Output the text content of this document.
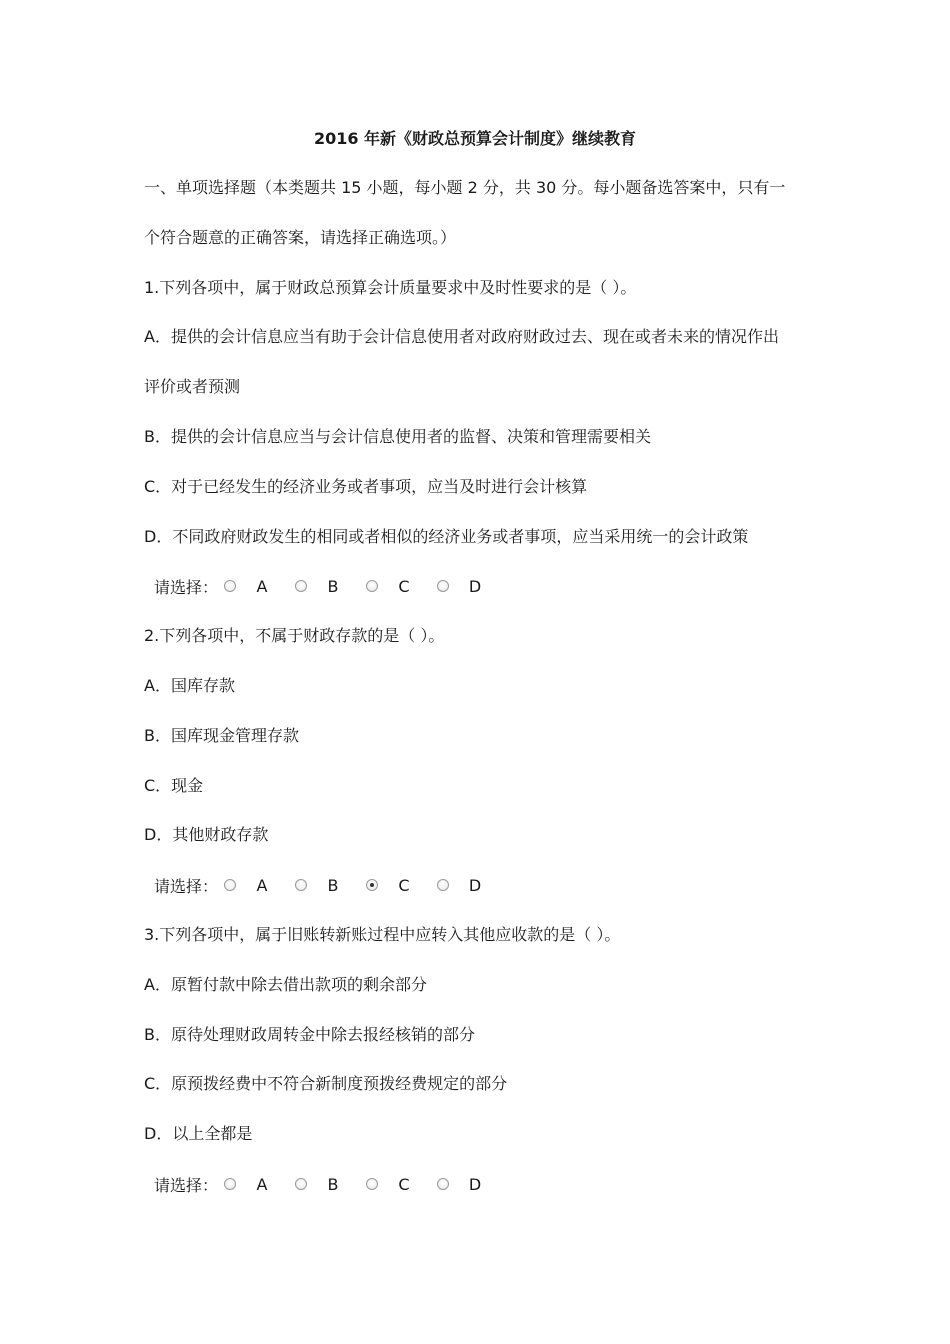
2016 年新《财政总预算会计制度》继续教育
一、单项选择题（本类题共 15 小题，每小题 2 分，共 30 分。每小题备选答案中，只有一
个符合题意的正确答案，请选择正确选项。）
1.下列各项中，属于财政总预算会计质量要求中及时性要求的是（ ）。
A．提供的会计信息应当有助于会计信息使用者对政府财政过去、现在或者未来的情况作出
评价或者预测
B．提供的会计信息应当与会计信息使用者的监督、决策和管理需要相关
C．对于已经发生的经济业务或者事项，应当及时进行会计核算
D．不同政府财政发生的相同或者相似的经济业务或者事项，应当采用统一的会计政策
请选择： A	B	C	D
2.下列各项中，不属于财政存款的是（ ）。
A．国库存款
B．国库现金管理存款
C．现金
D．其他财政存款
请选择： A	B	C	D
3.下列各项中，属于旧账转新账过程中应转入其他应收款的是（ ）。
A．原暂付款中除去借出款项的剩余部分
B．原待处理财政周转金中除去报经核销的部分
C．原预拨经费中不符合新制度预拨经费规定的部分
D．以上全都是
请选择： A	B	C	D
